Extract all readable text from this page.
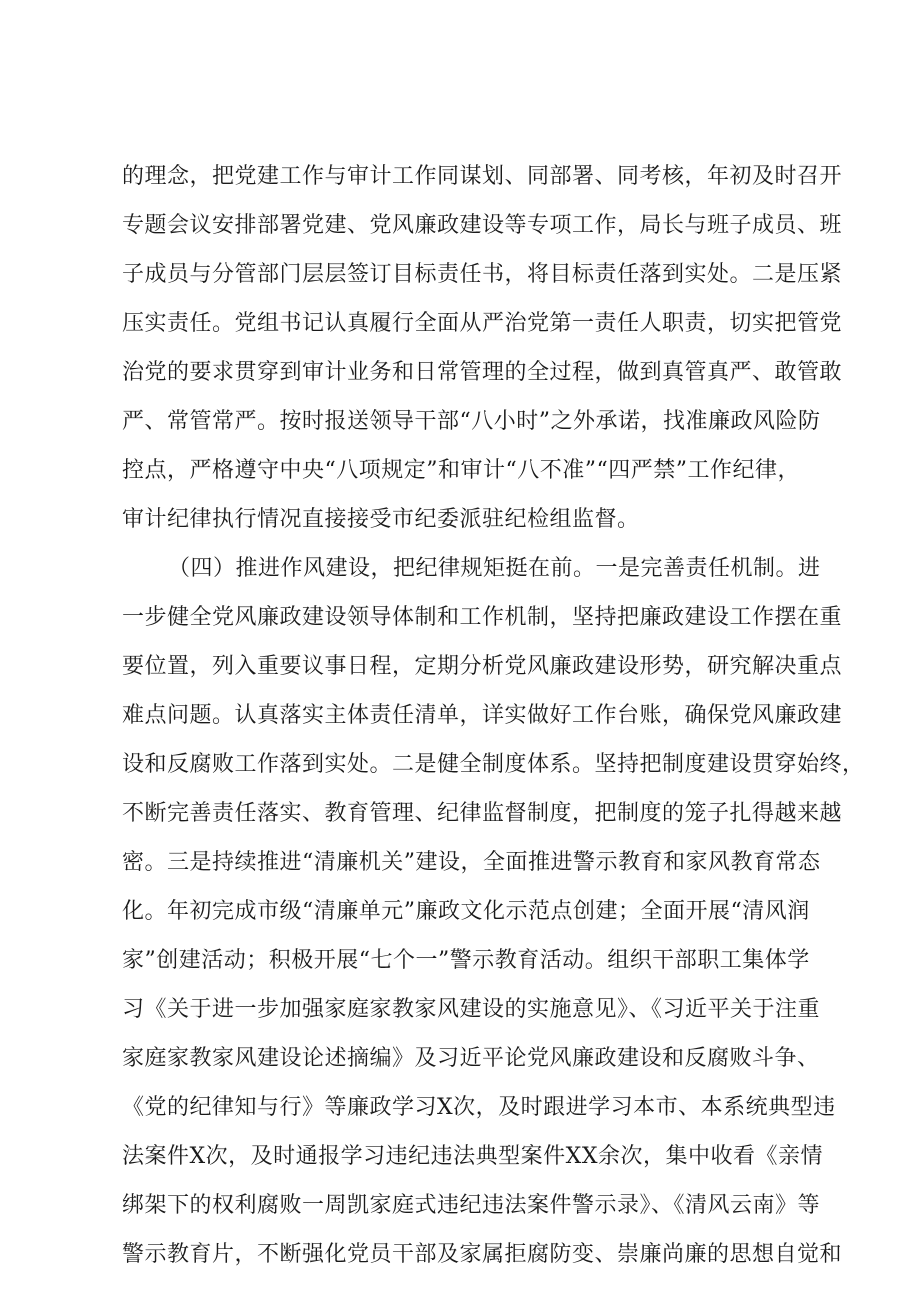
的理念，把党建工作与审计工作同谋划、同部署、同考核，年初及时召开
专题会议安排部署党建、党风廉政建设等专项工作，局长与班子成员、班
子成员与分管部门层层签订目标责任书，将目标责任落到实处。二是压紧
压实责任。党组书记认真履行全面从严治党第一责任人职责，切实把管党
治党的要求贯穿到审计业务和日常管理的全过程，做到真管真严、敢管敢
严、常管常严。按时报送领导干部“八小时”之外承诺，找准廉政风险防
控点，严格遵守中央“八项规定”和审计“八不准”“四严禁”工作纪律，
审计纪律执行情况直接接受市纪委派驻纪检组监督。
（四）推进作风建设，把纪律规矩挺在前。一是完善责任机制。进
一步健全党风廉政建设领导体制和工作机制，坚持把廉政建设工作摆在重
要位置，列入重要议事日程，定期分析党风廉政建设形势，研究解决重点
难点问题。认真落实主体责任清单，详实做好工作台账，确保党风廉政建
设和反腐败工作落到实处。二是健全制度体系。坚持把制度建设贯穿始终，
不断完善责任落实、教育管理、纪律监督制度，把制度的笼子扎得越来越
密。三是持续推进“清廉机关”建设，全面推进警示教育和家风教育常态
化。年初完成市级“清廉单元”廉政文化示范点创建；全面开展“清风润
家”创建活动；积极开展“七个一”警示教育活动。组织干部职工集体学
习《关于进一步加强家庭家教家风建设的实施意见》、《习近平关于注重
家庭家教家风建设论述摘编》及习近平论党风廉政建设和反腐败斗争、
《党的纪律知与行》等廉政学习X次，及时跟进学习本市、本系统典型违
法案件X次，及时通报学习违纪违法典型案件XX余次，集中收看《亲情
绑架下的权利腐败一周凯家庭式违纪违法案件警示录》、《清风云南》等
警示教育片，不断强化党员干部及家属拒腐防变、崇廉尚廉的思想自觉和
